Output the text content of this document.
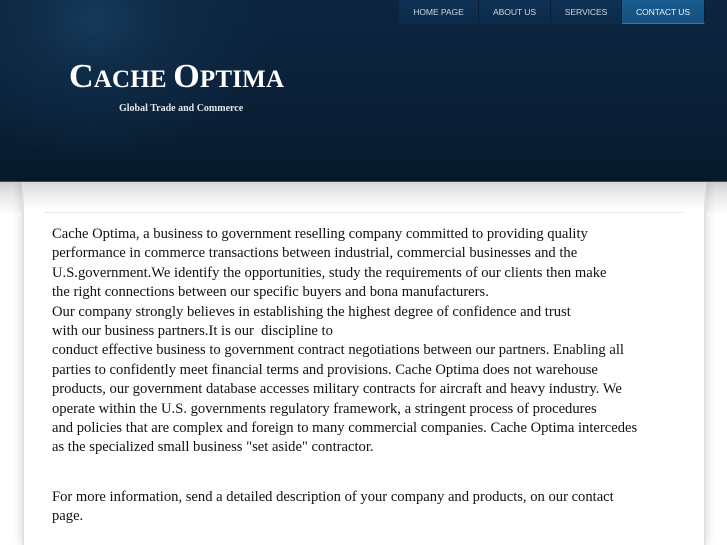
HOME PAGE	ABOUT US	SERVICES	CONTACT US
CACHE OPTIMA
Global Trade and Commerce
Cache Optima, a business to government reselling company committed to providing quality
performance in commerce transactions between industrial, commercial businesses and the
U.S.government.We identify the opportunities, study the requirements of our clients then make
the right connections between our specific buyers and bona manufacturers.
Our company strongly believes in establishing the highest degree of confidence and trust
with our business partners.It is our  discipline to
conduct effective business to government contract negotiations between our partners. Enabling all
parties to confidently meet financial terms and provisions. Cache Optima does not warehouse
products, our government database accesses military contracts for aircraft and heavy industry. We
operate within the U.S. governments regulatory framework, a stringent process of procedures
and policies that are complex and foreign to many commercial companies. Cache Optima intercedes
as the specialized small business "set aside" contractor.
For more information, send a detailed description of your company and products, on our contact
page.
